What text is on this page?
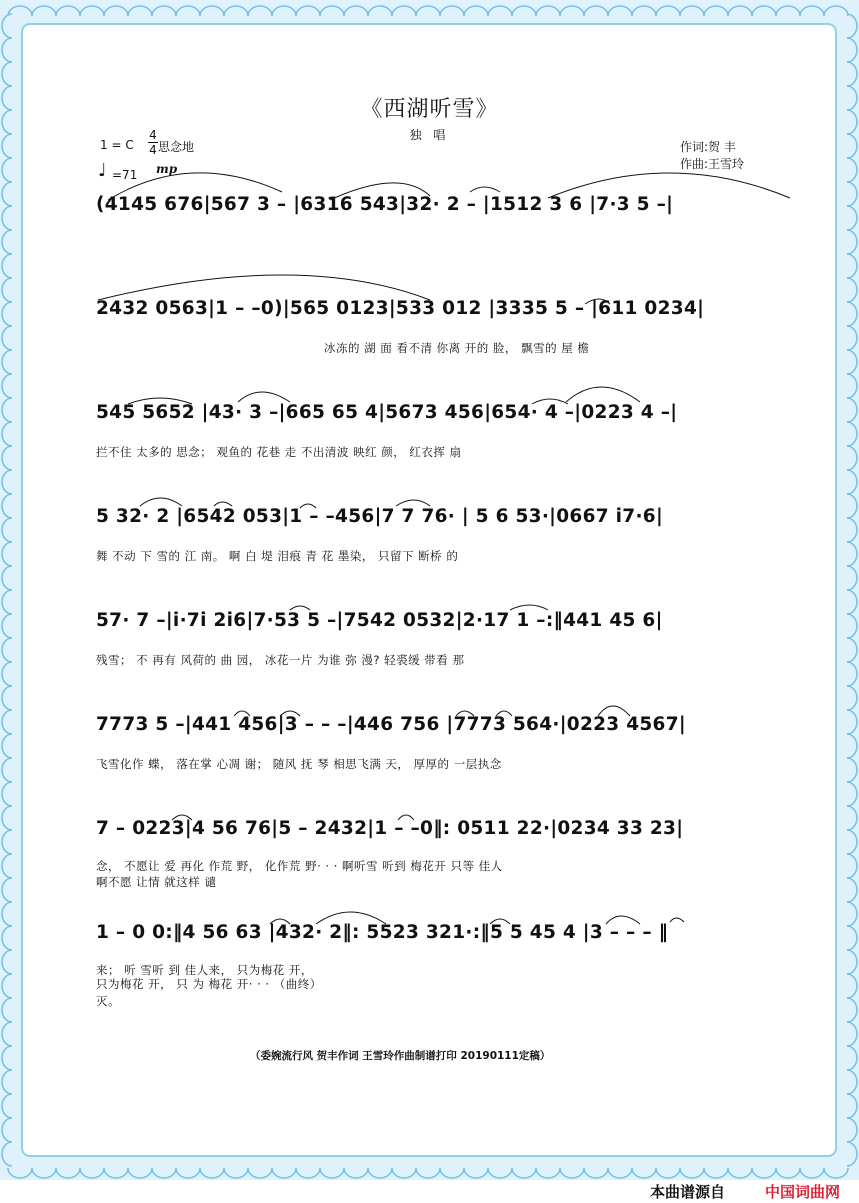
《西湖听雪》
独 唱
1 = C
4
4 思念地
♩ =71 mp
作词:贺 丰
作曲:王雪玲
(4145 676|567 3 – |6316 543|32· 2 – |1512 3 6 |7·3 5 –|
2432 0563|1 – –0)|565 0123|533 012 |3335 5 – |611 0234|
冰冻的 湖 面 看不清 你离 开的 脸， 飘雪的 屋 檐
545 5652 |43· 3 –|665 65 4|5673 456|654· 4 –|0223 4 –|
拦不住 太多的 思念； 观鱼的 花巷 走 不出清波 映红 颜， 红衣挥 扇
5 32· 2 |6542 053|1 – –456|7 7 76· | 5 6 53·|0667 i7·6|
舞 不动 下 雪的 江 南。 啊 白 堤 泪痕 青 花 墨染， 只留下 断桥 的
57· 7 –|i·7i 2i6|7·53 5 –|7542 0532|2·17 1 –:‖441 45 6|
残雪； 不 再有 风荷的 曲 园， 冰花一片 为谁 弥 漫? 轻裘缓 带看 那
7773 5 –|441 456|3 – – –|446 756 |7773 564·|0223 4567|
飞雪化作 蝶， 落在掌 心凋 谢； 随风 抚 琴 相思飞满 天， 厚厚的 一层执念
7 – 0223|4 56 76|5 – 2432|1 – –0‖: 0511 22·|0234 33 23|
念， 不愿让 爱 再化 作荒 野， 化作荒 野· · · 啊听雪 听到 梅花开 只等 佳人
啊不愿 让情 就这样 谴
1 – 0 0:‖4 56 63 |432· 2‖: 5523 321·:‖5 5 45 4 |3 – – – ‖
来； 听 雪听 到 佳人来， 只为梅花 开，
只为梅花 开， 只 为 梅花 开· · · （曲终）
灭。
（委婉流行风 贺丰作词 王雪玲作曲制谱打印 20190111定稿）
本曲谱源自	中国词曲网
